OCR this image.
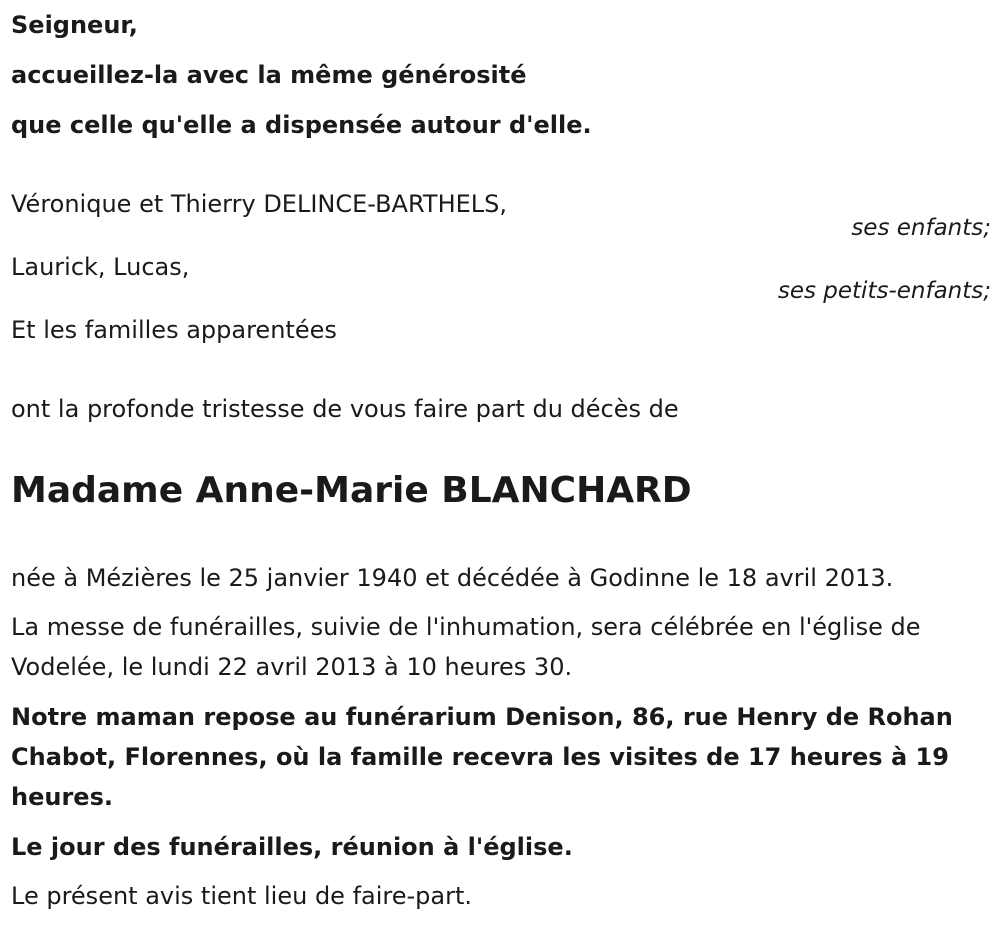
Seigneur,
accueillez-la avec la même générosité
que celle qu'elle a dispensée autour d'elle.
Véronique et Thierry DELINCE-BARTHELS,
ses enfants;
Laurick, Lucas,
ses petits-enfants;
Et les familles apparentées
ont la profonde tristesse de vous faire part du décès de
Madame Anne-Marie BLANCHARD
née à Mézières le 25 janvier 1940 et décédée à Godinne le 18 avril 2013.
La messe de funérailles, suivie de l'inhumation, sera célébrée en l'église de Vodelée, le lundi 22 avril 2013 à 10 heures 30.
Notre maman repose au funérarium Denison, 86, rue Henry de Rohan Chabot, Florennes, où la famille recevra les visites de 17 heures à 19 heures.
Le jour des funérailles, réunion à l'église.
Le présent avis tient lieu de faire-part.
